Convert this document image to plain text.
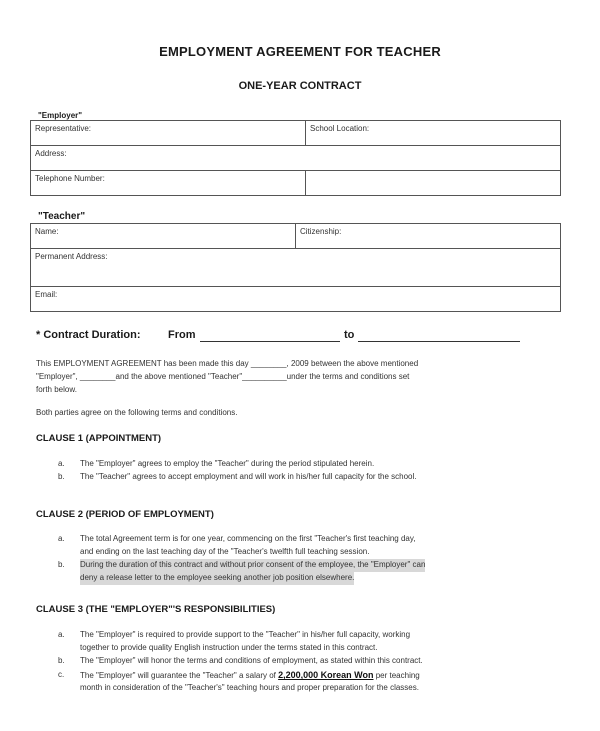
EMPLOYMENT AGREEMENT FOR TEACHER
ONE-YEAR CONTRACT
"Employer"
Representative:	School Location:
Address:	
Telephone Number:	
"Teacher"
Name:	Citizenship:
Permanent Address:
Email:
* Contract Duration:	From	to
This EMPLOYMENT AGREEMENT has been made this day ________, 2009 between the above mentioned
"Employer", ________and the above mentioned "Teacher"__________under the terms and conditions set
forth below.
Both parties agree on the following terms and conditions.
CLAUSE 1 (APPOINTMENT)
a. The "Employer" agrees to employ the "Teacher" during the period stipulated herein.
b. The "Teacher" agrees to accept employment and will work in his/her full capacity for the school.
CLAUSE 2 (PERIOD OF EMPLOYMENT)
a. The total Agreement term is for one year, commencing on the first "Teacher's first teaching day,
and ending on the last teaching day of the "Teacher's twelfth full teaching session.
b. During the duration of this contract and without prior consent of the employee, the "Employer" can
deny a release letter to the employee seeking another job position elsewhere.
CLAUSE 3 (THE "EMPLOYER"'S RESPONSIBILITIES)
a. The "Employer" is required to provide support to the "Teacher" in his/her full capacity, working
together to provide quality English instruction under the terms stated in this contract.
b. The "Employer" will honor the terms and conditions of employment, as stated within this contract.
c. The "Employer" will guarantee the "Teacher" a salary of 2,200,000 Korean Won per teaching
month in consideration of the "Teacher's" teaching hours and proper preparation for the classes.
